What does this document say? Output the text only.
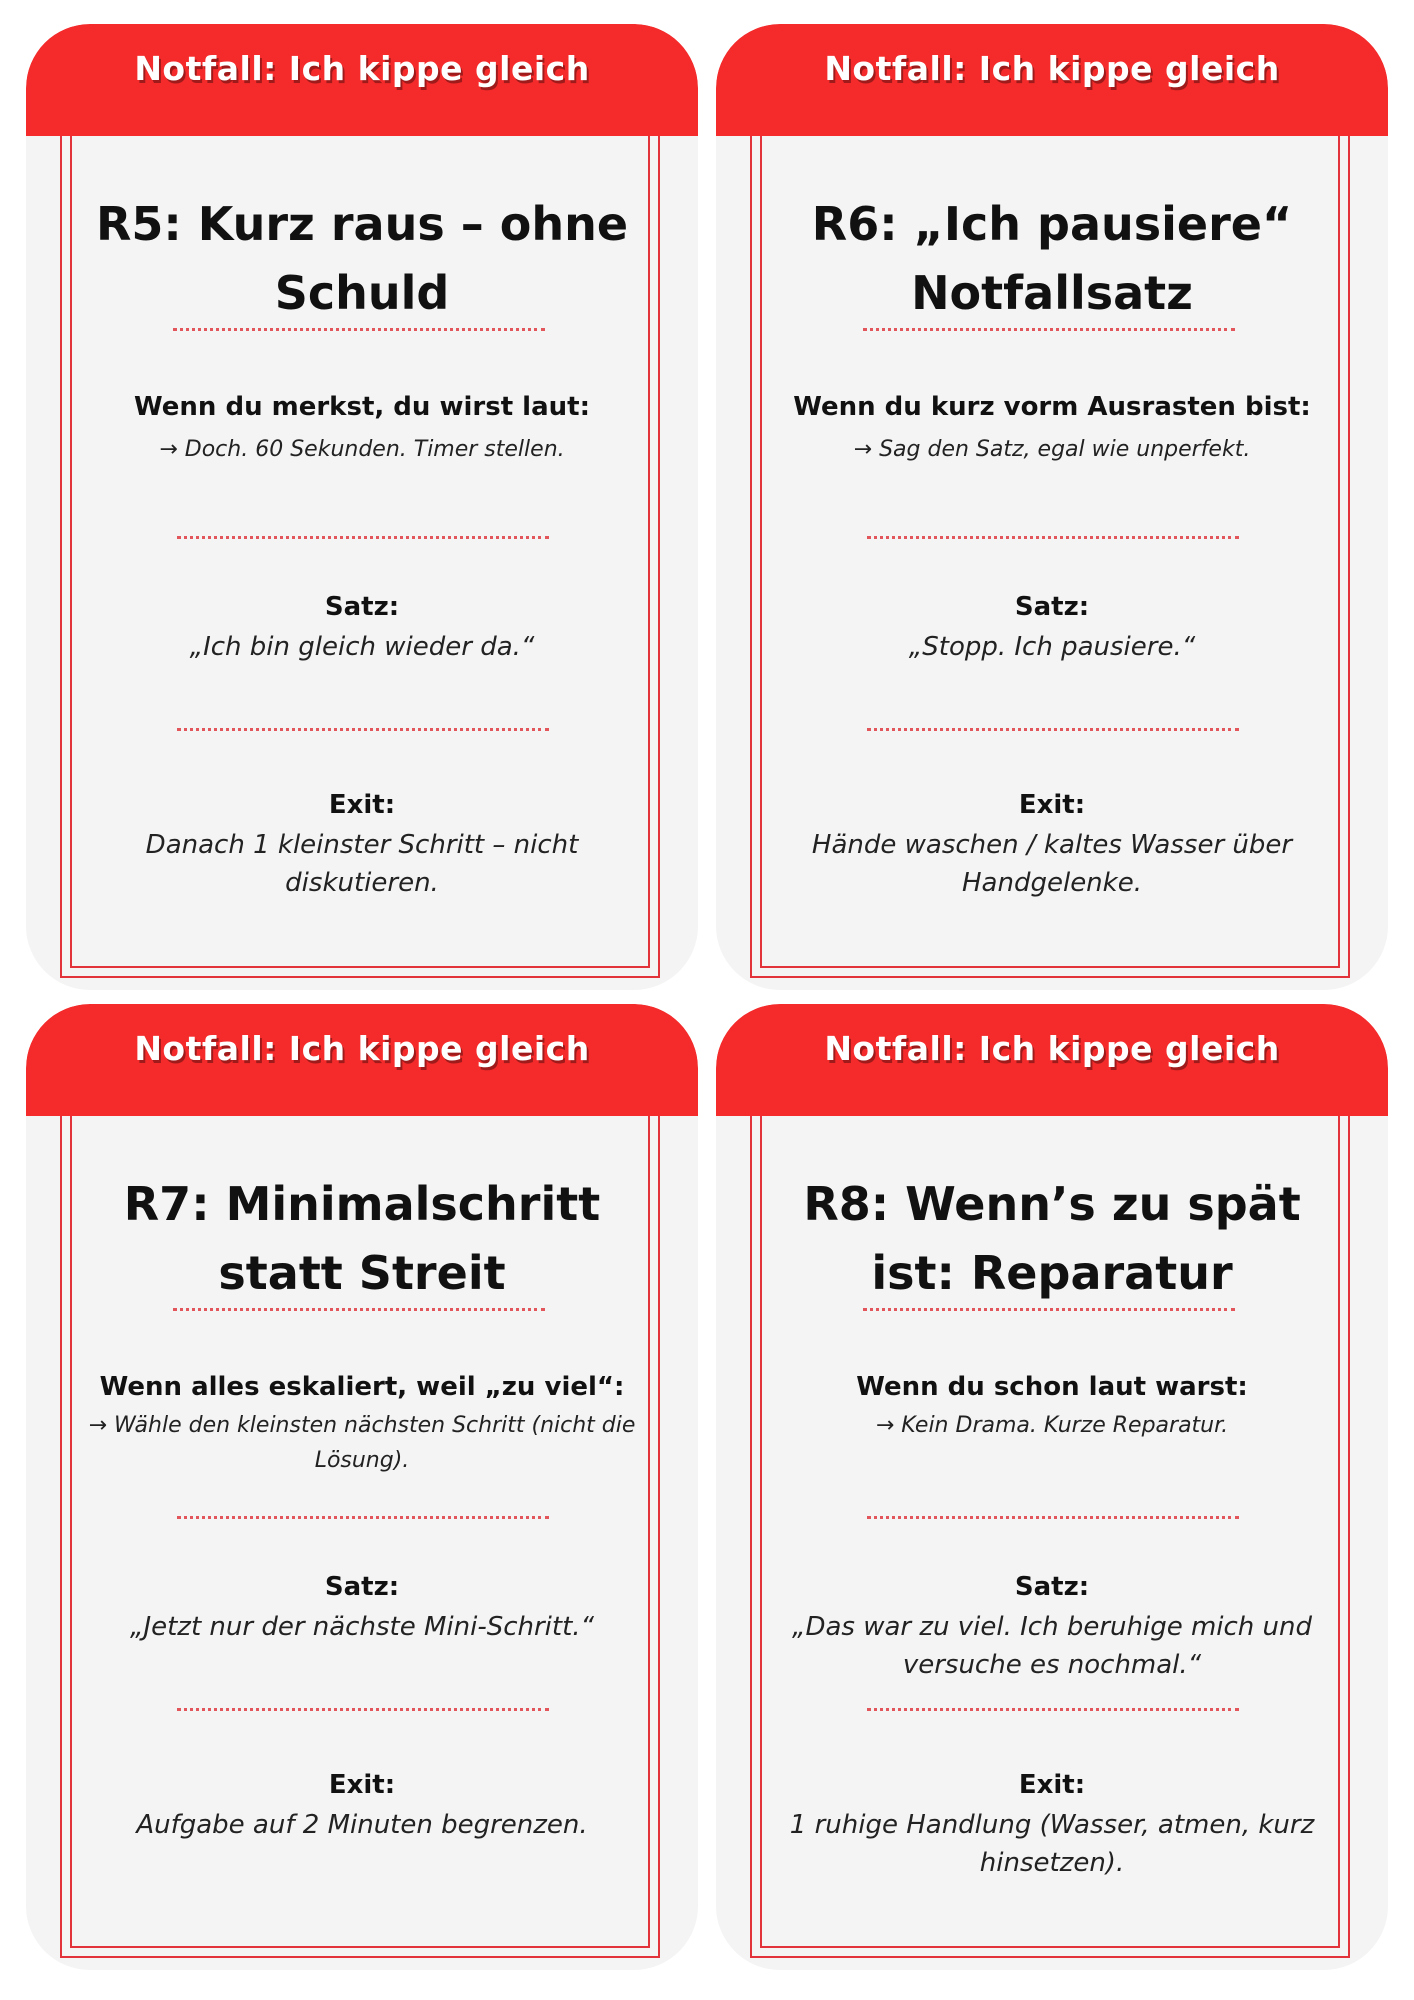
Notfall: Ich kippe gleich
R5: Kurz raus – ohne
Schuld

Wenn du merkst, du wirst laut:

→ Doch. 60 Sekunden. Timer stellen.

Satz:

„Ich bin gleich wieder da.“

Exit:

Danach 1 kleinster Schritt – nicht diskutieren.

Notfall: Ich kippe gleich
R6: „Ich pausiere“
Notfallsatz

Wenn du kurz vorm Ausrasten bist:

→ Sag den Satz, egal wie unperfekt.

Satz:

„Stopp. Ich pausiere.“

Exit:

Hände waschen / kaltes Wasser über Handgelenke.

Notfall: Ich kippe gleich
R7: Minimalschritt
statt Streit

Wenn alles eskaliert, weil „zu viel“:

→ Wähle den kleinsten nächsten Schritt (nicht die Lösung).

Satz:

„Jetzt nur der nächste Mini-Schritt.“

Exit:

Aufgabe auf 2 Minuten begrenzen.

Notfall: Ich kippe gleich
R8: Wenn’s zu spät
ist: Reparatur

Wenn du schon laut warst:

→ Kein Drama. Kurze Reparatur.

Satz:

„Das war zu viel. Ich beruhige mich und versuche es nochmal.“

Exit:

1 ruhige Handlung (Wasser, atmen, kurz hinsetzen).
